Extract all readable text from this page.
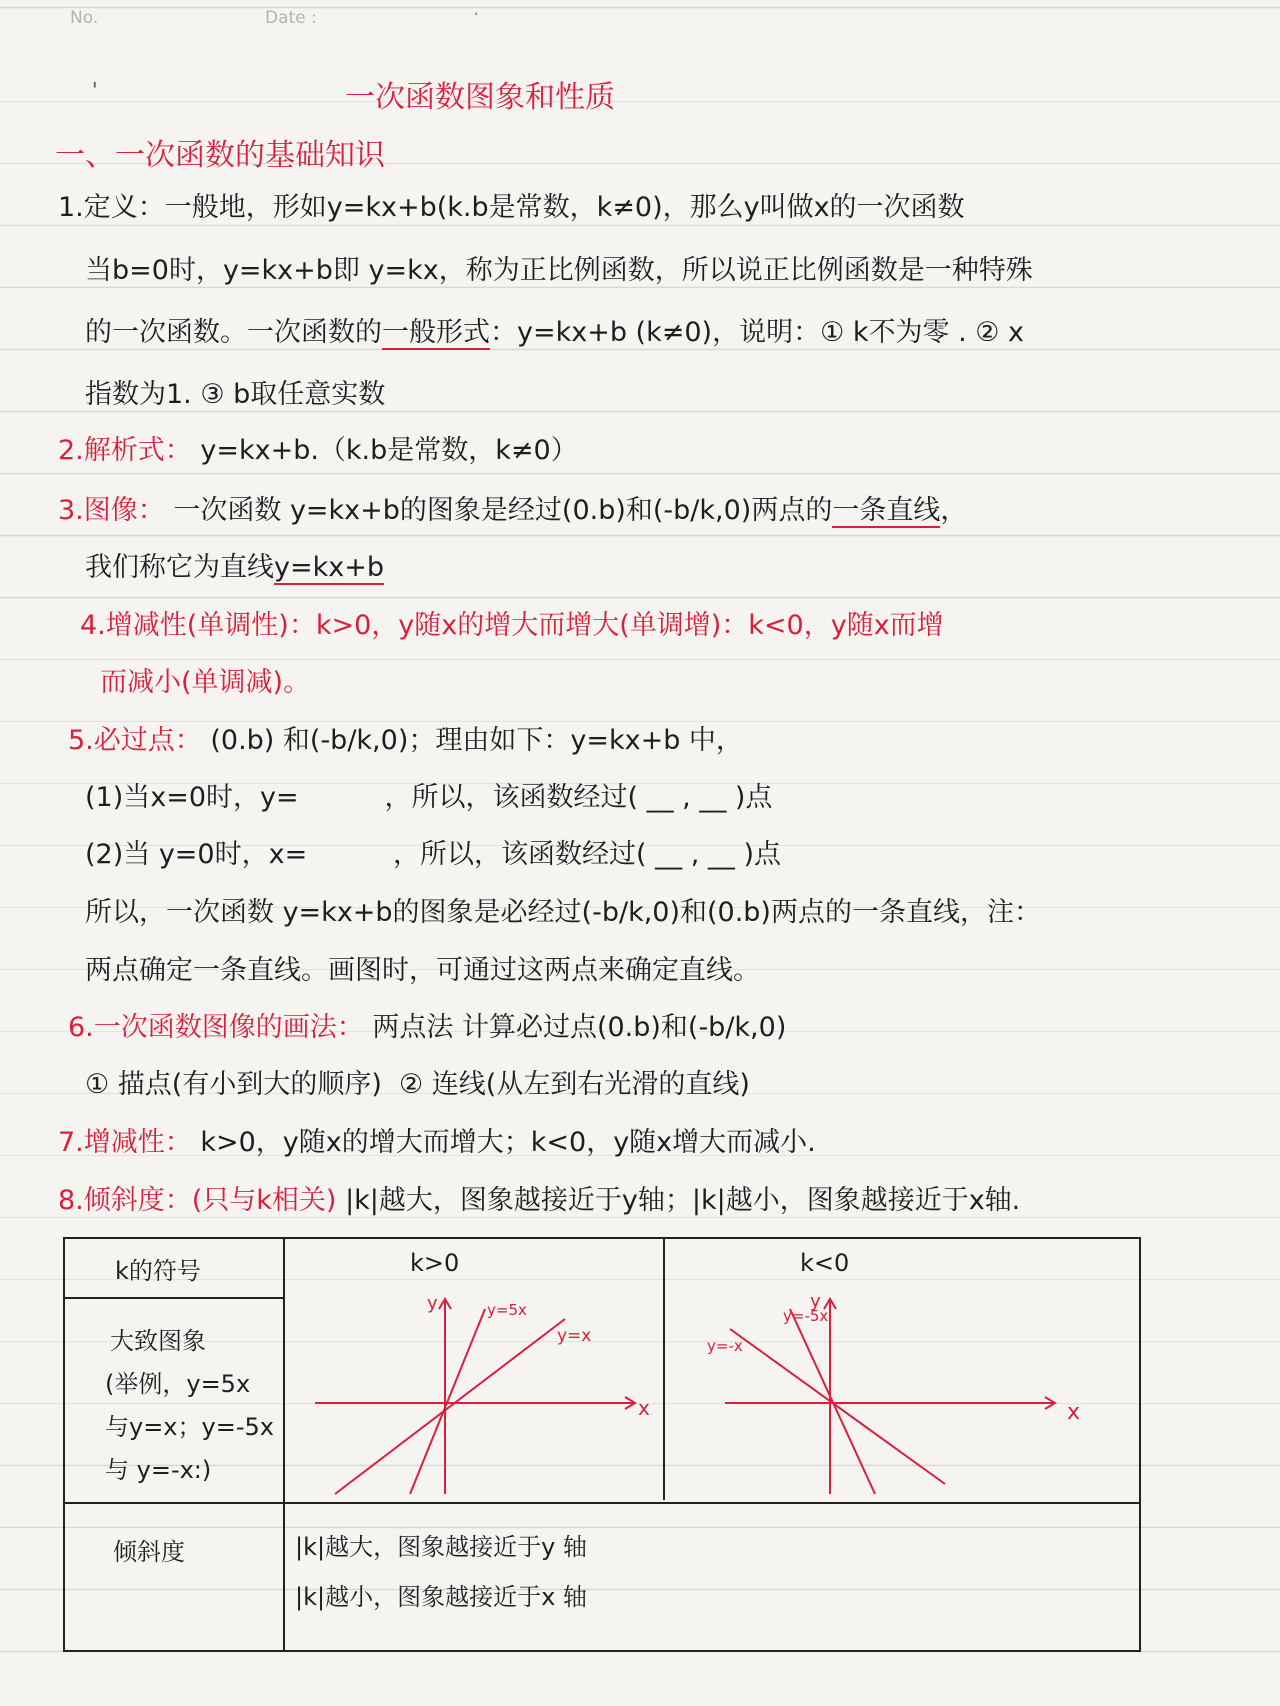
No.	Date :	·
'	一次函数图象和性质
一、一次函数的基础知识
1.定义：一般地，形如y=kx+b(k.b是常数，k≠0)，那么y叫做x的一次函数
当b=0时，y=kx+b即 y=kx，称为正比例函数，所以说正比例函数是一种特殊
的一次函数。一次函数的一般形式：y=kx+b (k≠0)，说明：① k不为零 . ② x
指数为1. ③ b取任意实数
2.解析式： y=kx+b.（k.b是常数，k≠0）
3.图像： 一次函数 y=kx+b的图象是经过(0.b)和(-b/k,0)两点的一条直线，
我们称它为直线y=kx+b
4.增减性(单调性)：k>0，y随x的增大而增大(单调增)：k<0，y随x而增
而减小(单调减)。
5.必过点： (0.b) 和(-b/k,0)；理由如下：y=kx+b 中，
(1)当x=0时，y=          ，所以，该函数经过( __ , __ )点
(2)当 y=0时，x=          ，所以，该函数经过( __ , __ )点
所以，一次函数 y=kx+b的图象是必经过(-b/k,0)和(0.b)两点的一条直线，注：
两点确定一条直线。画图时，可通过这两点来确定直线。
6.一次函数图像的画法： 两点法 计算必过点(0.b)和(-b/k,0)
① 描点(有小到大的顺序)  ② 连线(从左到右光滑的直线)
7.增减性： k>0，y随x的增大而增大；k<0，y随x增大而减小.
8.倾斜度：(只与k相关) |k|越大，图象越接近于y轴；|k|越小，图象越接近于x轴.
k的符号	k>0	k<0
大致图象
(举例，y=5x
与y=x；y=-5x
与 y=-x:)
倾斜度	|k|越大，图象越接近于y 轴
|k|越小，图象越接近于x 轴
y
x
y=5x
y=x
y
x
y=-5x
y=-x
